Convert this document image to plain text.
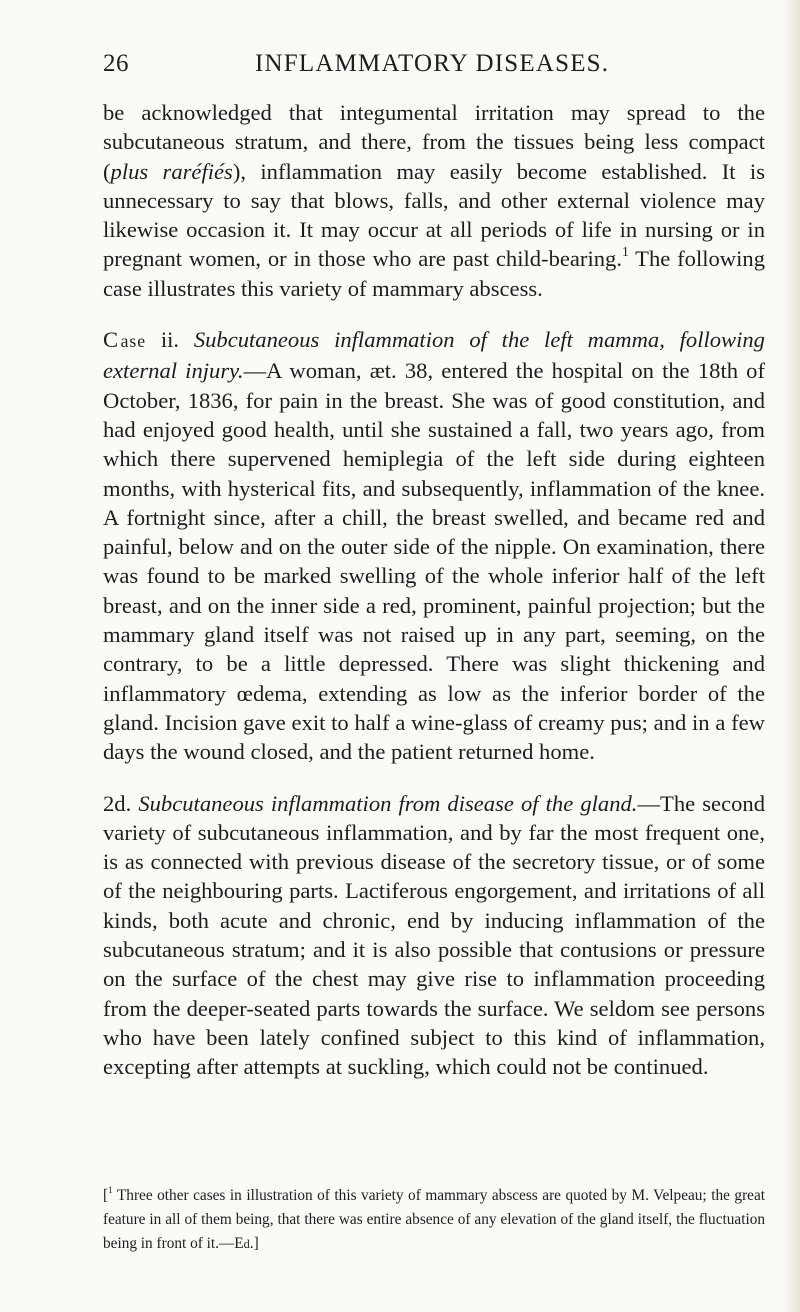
26	INFLAMMATORY DISEASES.

be acknowledged that integumental irritation may spread to the subcutaneous stratum, and there, from the tissues being less compact (plus raréfiés), inflammation may easily become established. It is unnecessary to say that blows, falls, and other external violence may likewise occasion it. It may occur at all periods of life in nursing or in pregnant women, or in those who are past child-bearing.$^1$ The following case illustrates this variety of mammary abscess.

Case ii. Subcutaneous inflammation of the left mamma, following external injury.—A woman, æt. 38, entered the hospital on the 18th of October, 1836, for pain in the breast. She was of good constitution, and had enjoyed good health, until she sustained a fall, two years ago, from which there supervened hemiplegia of the left side during eighteen months, with hysterical fits, and subsequently, inflammation of the knee. A fortnight since, after a chill, the breast swelled, and became red and painful, below and on the outer side of the nipple. On examination, there was found to be marked swelling of the whole inferior half of the left breast, and on the inner side a red, prominent, painful projection; but the mammary gland itself was not raised up in any part, seeming, on the contrary, to be a little depressed. There was slight thickening and inflammatory œdema, extending as low as the inferior border of the gland. Incision gave exit to half a wine-glass of creamy pus; and in a few days the wound closed, and the patient returned home.

2d. Subcutaneous inflammation from disease of the gland.—The second variety of subcutaneous inflammation, and by far the most frequent one, is as connected with previous disease of the secretory tissue, or of some of the neighbouring parts. Lactiferous engorgement, and irritations of all kinds, both acute and chronic, end by inducing inflammation of the subcutaneous stratum; and it is also possible that contusions or pressure on the surface of the chest may give rise to inflammation proceeding from the deeper-seated parts towards the surface. We seldom see persons who have been lately confined subject to this kind of inflammation, excepting after attempts at suckling, which could not be continued.

[$^1$ Three other cases in illustration of this variety of mammary abscess are quoted by M. Velpeau; the great feature in all of them being, that there was entire absence of any elevation of the gland itself, the fluctuation being in front of it.—Ed.]
